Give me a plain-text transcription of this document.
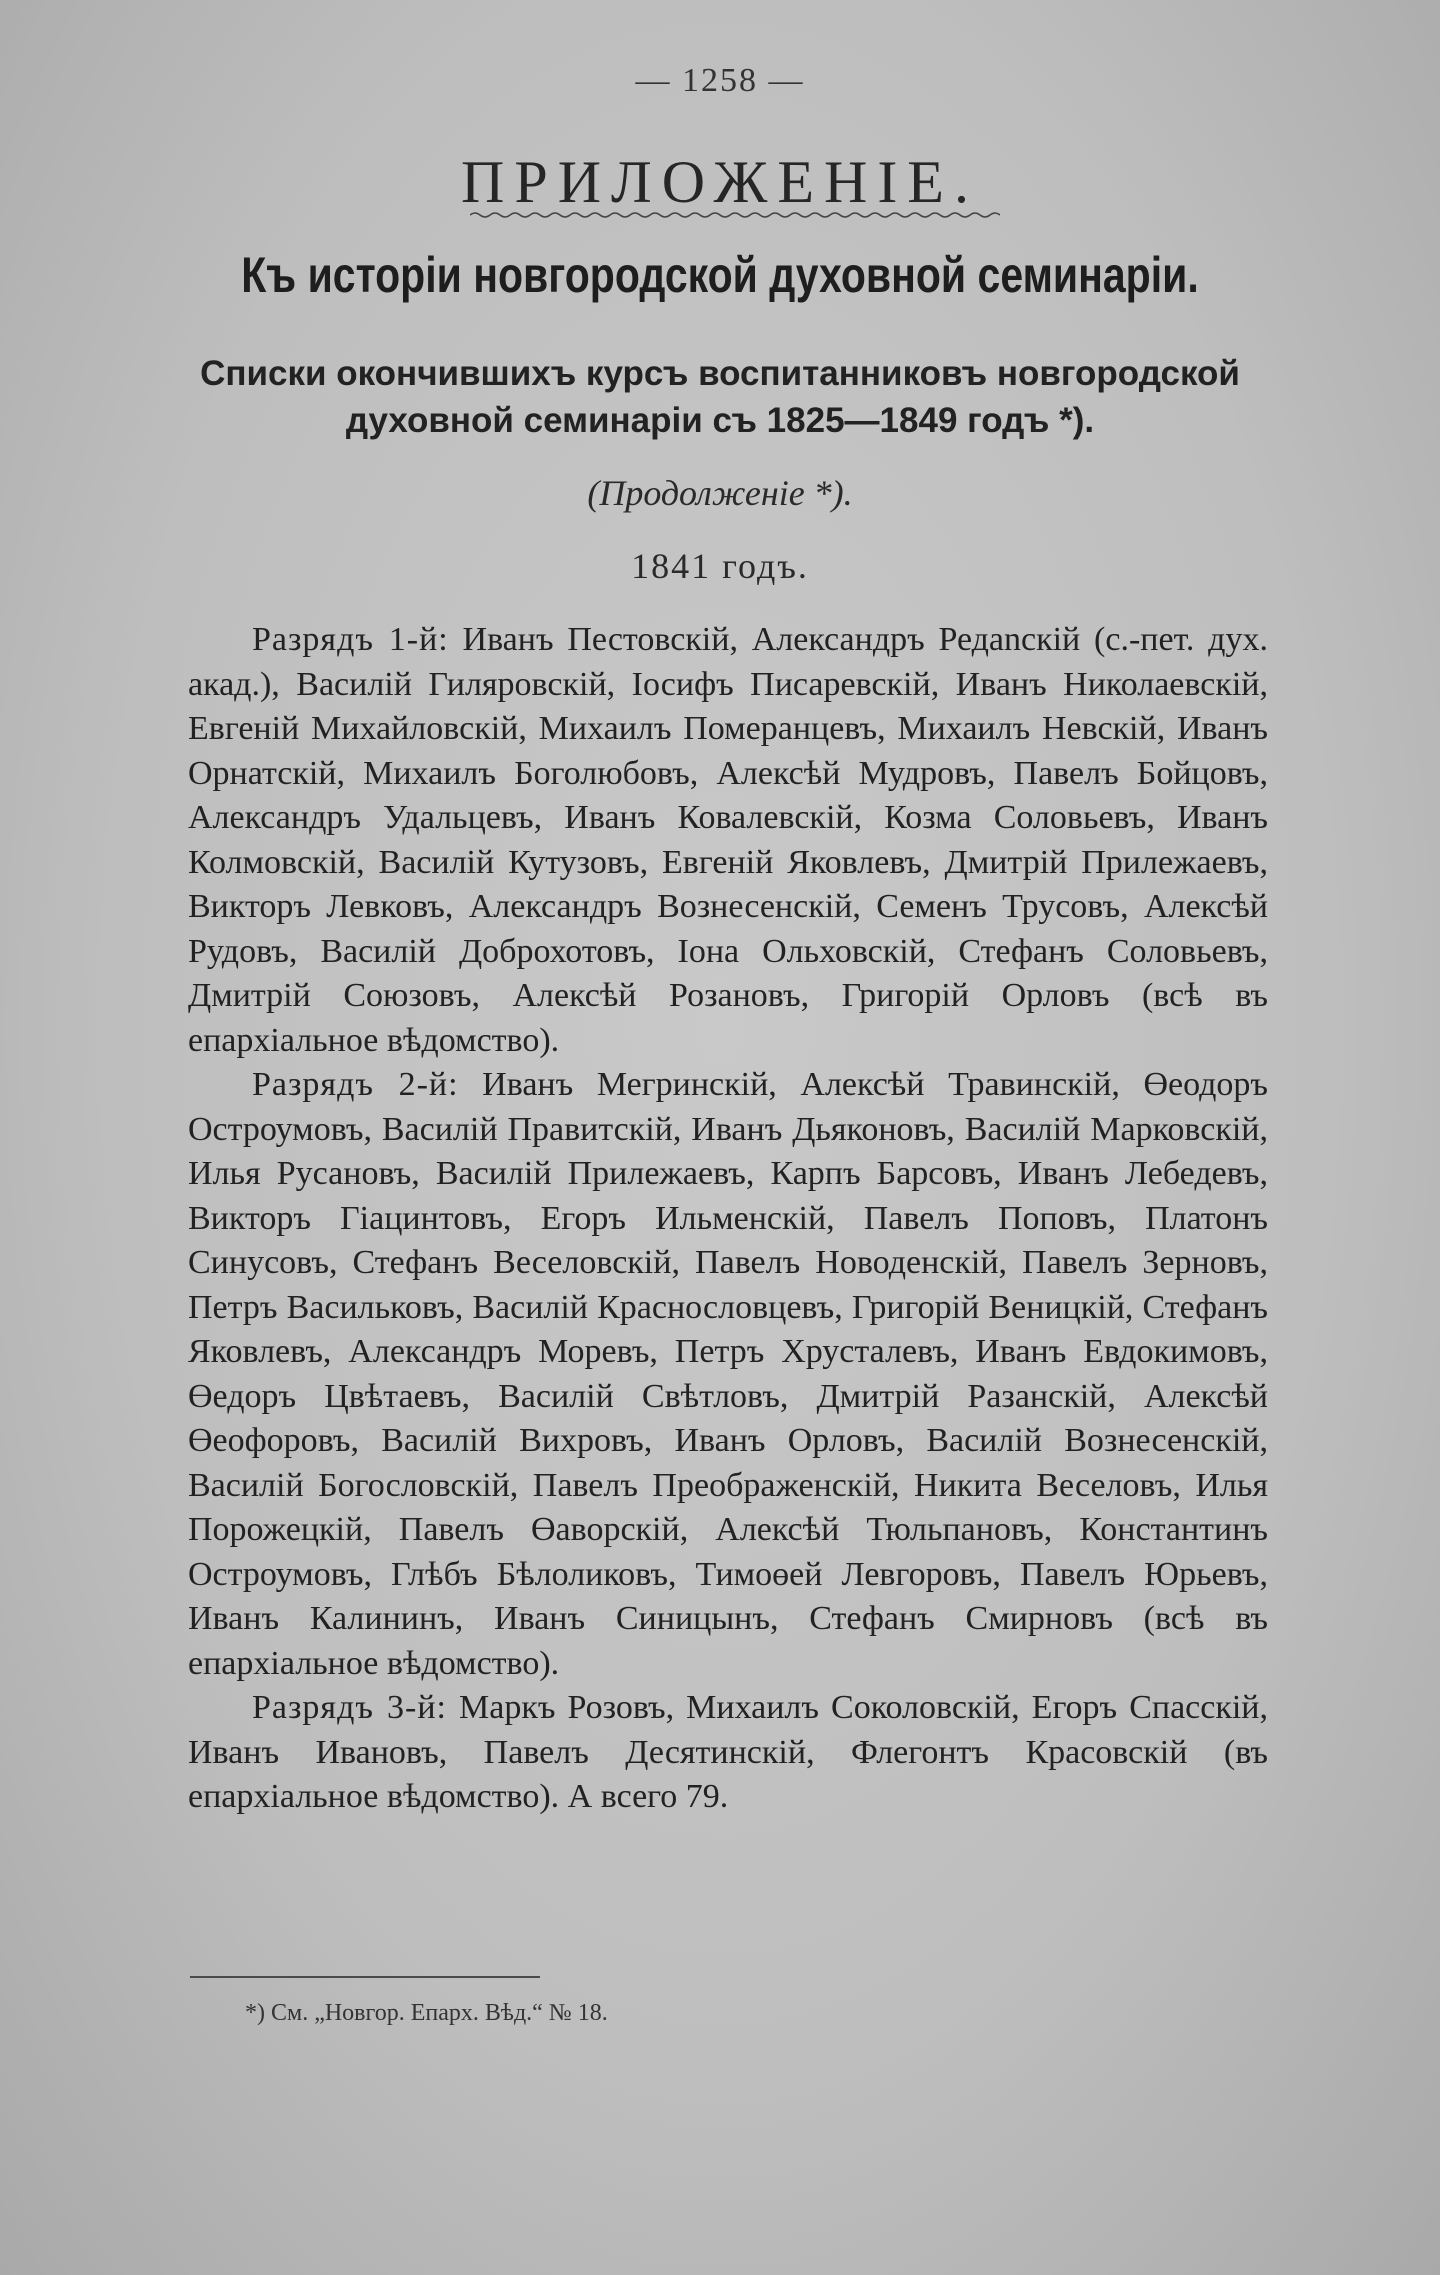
— 1258 —
ПРИЛОЖЕНІЕ.
Къ исторіи новгородской духовной семинаріи.
Списки окончившихъ курсъ воспитанниковъ новгородской духовной семинаріи съ 1825—1849 годъ *).
(Продолженіе *).
1841 годъ.

Разрядъ 1-й: Иванъ Пестовскій, Александръ Редanскій (с.-пет. дух. акад.), Василій Гиляровскій, Іосифъ Писаревскій, Иванъ Николаевскій, Евгеній Михайловскій, Михаилъ Померанцевъ, Михаилъ Невскій, Иванъ Орнатскій, Михаилъ Боголюбовъ, Алексѣй Мудровъ, Павелъ Бойцовъ, Александръ Удальцевъ, Иванъ Ковалевскій, Козма Соловьевъ, Иванъ Колмовскій, Василій Кутузовъ, Евгеній Яковлевъ, Дмитрій Прилежаевъ, Викторъ Левковъ, Александръ Вознесенскій, Семенъ Трусовъ, Алексѣй Рудовъ, Василій Доброхотовъ, Іона Ольховскій, Стефанъ Соловьевъ, Дмитрій Союзовъ, Алексѣй Розановъ, Григорій Орловъ (всѣ въ епархіальное вѣдомство).

Разрядъ 2-й: Иванъ Мегринскій, Алексѣй Травинскій, Өеодоръ Остроумовъ, Василій Правитскій, Иванъ Дьяконовъ, Василій Марковскій, Илья Русановъ, Василій Прилежаевъ, Карпъ Барсовъ, Иванъ Лебедевъ, Викторъ Гіацинтовъ, Егоръ Ильменскій, Павелъ Поповъ, Платонъ Синусовъ, Стефанъ Веселовскій, Павелъ Новоденскій, Павелъ Зерновъ, Петръ Васильковъ, Василій Краснословцевъ, Григорій Веницкій, Стефанъ Яковлевъ, Александръ Моревъ, Петръ Хрусталевъ, Иванъ Евдокимовъ, Өедоръ Цвѣтаевъ, Василій Свѣтловъ, Дмитрій Разанскій, Алексѣй Өеофоровъ, Василій Вихровъ, Иванъ Орловъ, Василій Вознесенскій, Василій Богословскій, Павелъ Преображенскій, Никита Веселовъ, Илья Порожецкій, Павелъ Өаворскій, Алексѣй Тюльпановъ, Константинъ Остроумовъ, Глѣбъ Бѣлоликовъ, Тимоөей Левгоровъ, Павелъ Юрьевъ, Иванъ Калининъ, Иванъ Синицынъ, Стефанъ Смирновъ (всѣ въ епархіальное вѣдомство).

Разрядъ 3-й: Маркъ Розовъ, Михаилъ Соколовскій, Егоръ Спасскій, Иванъ Ивановъ, Павелъ Десятинскій, Флегонтъ Красовскій (въ епархіальное вѣдомство). А всего 79.

*) См. „Новгор. Епарх. Вѣд.“ № 18.
